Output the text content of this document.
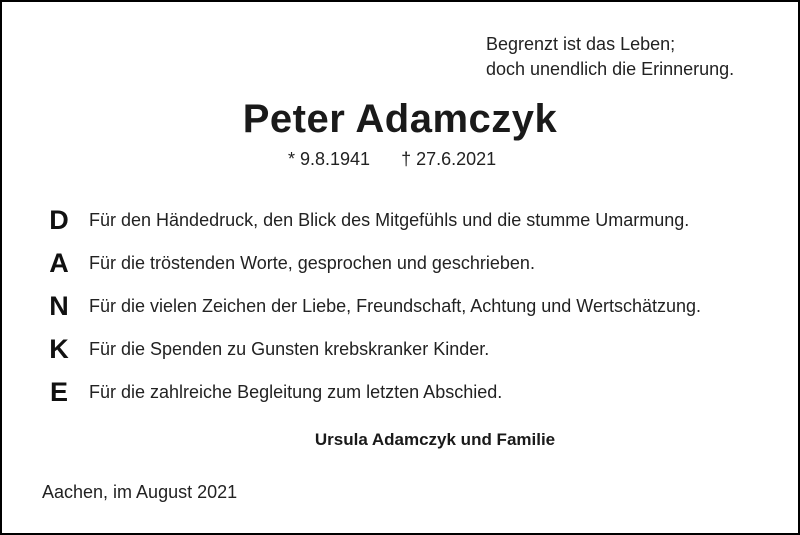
Begrenzt ist das Leben;
doch unendlich die Erinnerung.
Peter Adamczyk
* 9.8.1941 † 27.6.2021
D
A
N
K
E
Für den Händedruck, den Blick des Mitgefühls und die stumme Umarmung.
Für die tröstenden Worte, gesprochen und geschrieben.
Für die vielen Zeichen der Liebe, Freundschaft, Achtung und Wertschätzung.
Für die Spenden zu Gunsten krebskranker Kinder.
Für die zahlreiche Begleitung zum letzten Abschied.
Ursula Adamczyk und Familie
Aachen, im August 2021
